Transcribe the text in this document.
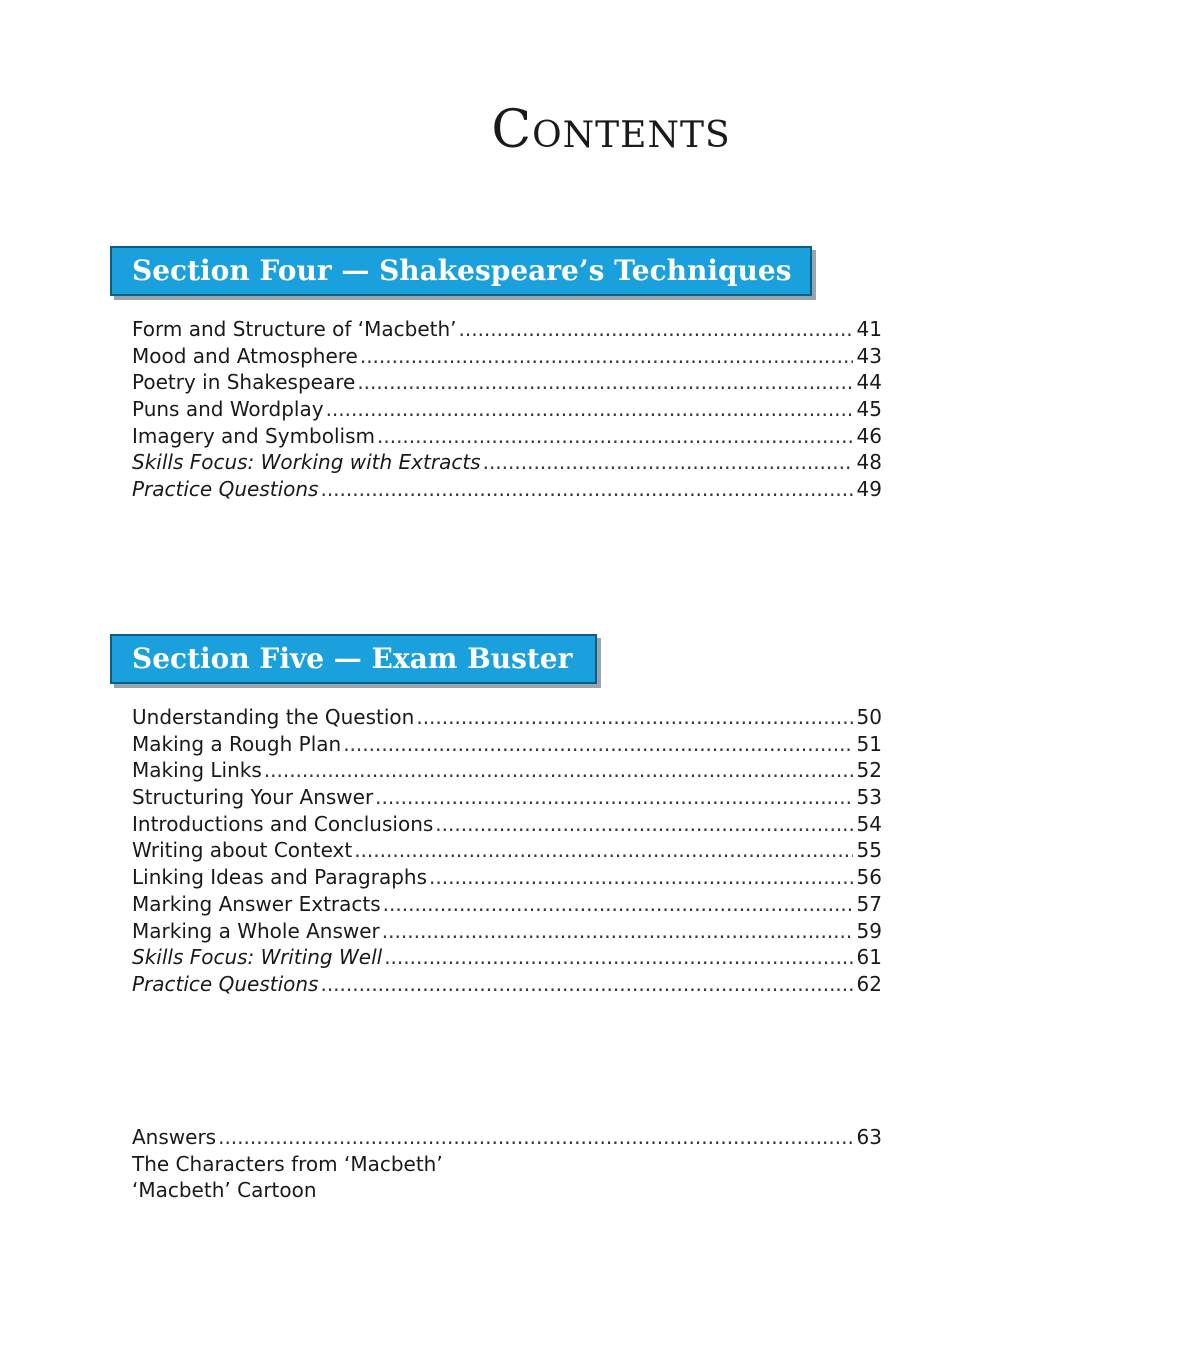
Contents
Section Four — Shakespeare’s Techniques
Form and Structure of ‘Macbeth’ .....	41
Mood and Atmosphere .....	43
Poetry in Shakespeare .....	44
Puns and Wordplay .....	45
Imagery and Symbolism .....	46
Skills Focus: Working with Extracts .....	48
Practice Questions .....	49
Section Five — Exam Buster
Understanding the Question .....	50
Making a Rough Plan .....	51
Making Links .....	52
Structuring Your Answer .....	53
Introductions and Conclusions .....	54
Writing about Context .....	55
Linking Ideas and Paragraphs .....	56
Marking Answer Extracts .....	57
Marking a Whole Answer .....	59
Skills Focus: Writing Well .....	61
Practice Questions .....	62
Answers .....	63
The Characters from ‘Macbeth’
‘Macbeth’ Cartoon
